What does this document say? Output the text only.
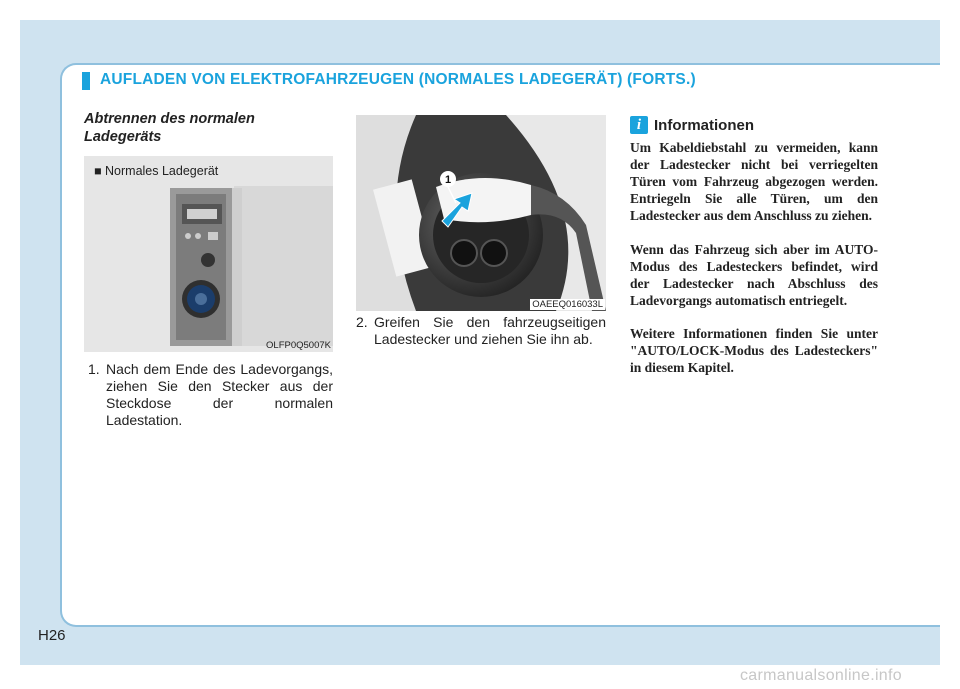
AUFLADEN VON ELEKTROFAHRZEUGEN (NORMALES LADEGERÄT) (FORTS.)
Abtrennen des normalen Ladegeräts
■ Normales Ladegerät
OLFP0Q5007K
1
OAEEQ016033L
1. Nach dem Ende des Ladevorgangs, ziehen Sie den Stecker aus der Steckdose der normalen Ladestation.
2. Greifen Sie den fahrzeugseitigen Ladestecker und ziehen Sie ihn ab.
i Informationen

Um Kabeldiebstahl zu vermeiden, kann der Ladestecker nicht bei verriegelten Türen vom Fahrzeug abgezogen werden. Entriegeln Sie alle Türen, um den Ladestecker aus dem Anschluss zu ziehen.

Wenn das Fahrzeug sich aber im AUTO-Modus des Ladesteckers befindet, wird der Ladestecker nach Abschluss des Ladevorgangs automatisch entriegelt.

Weitere Informationen finden Sie unter "AUTO/LOCK-Modus des Ladesteckers" in diesem Kapitel.

H26
carmanualsonline.info
